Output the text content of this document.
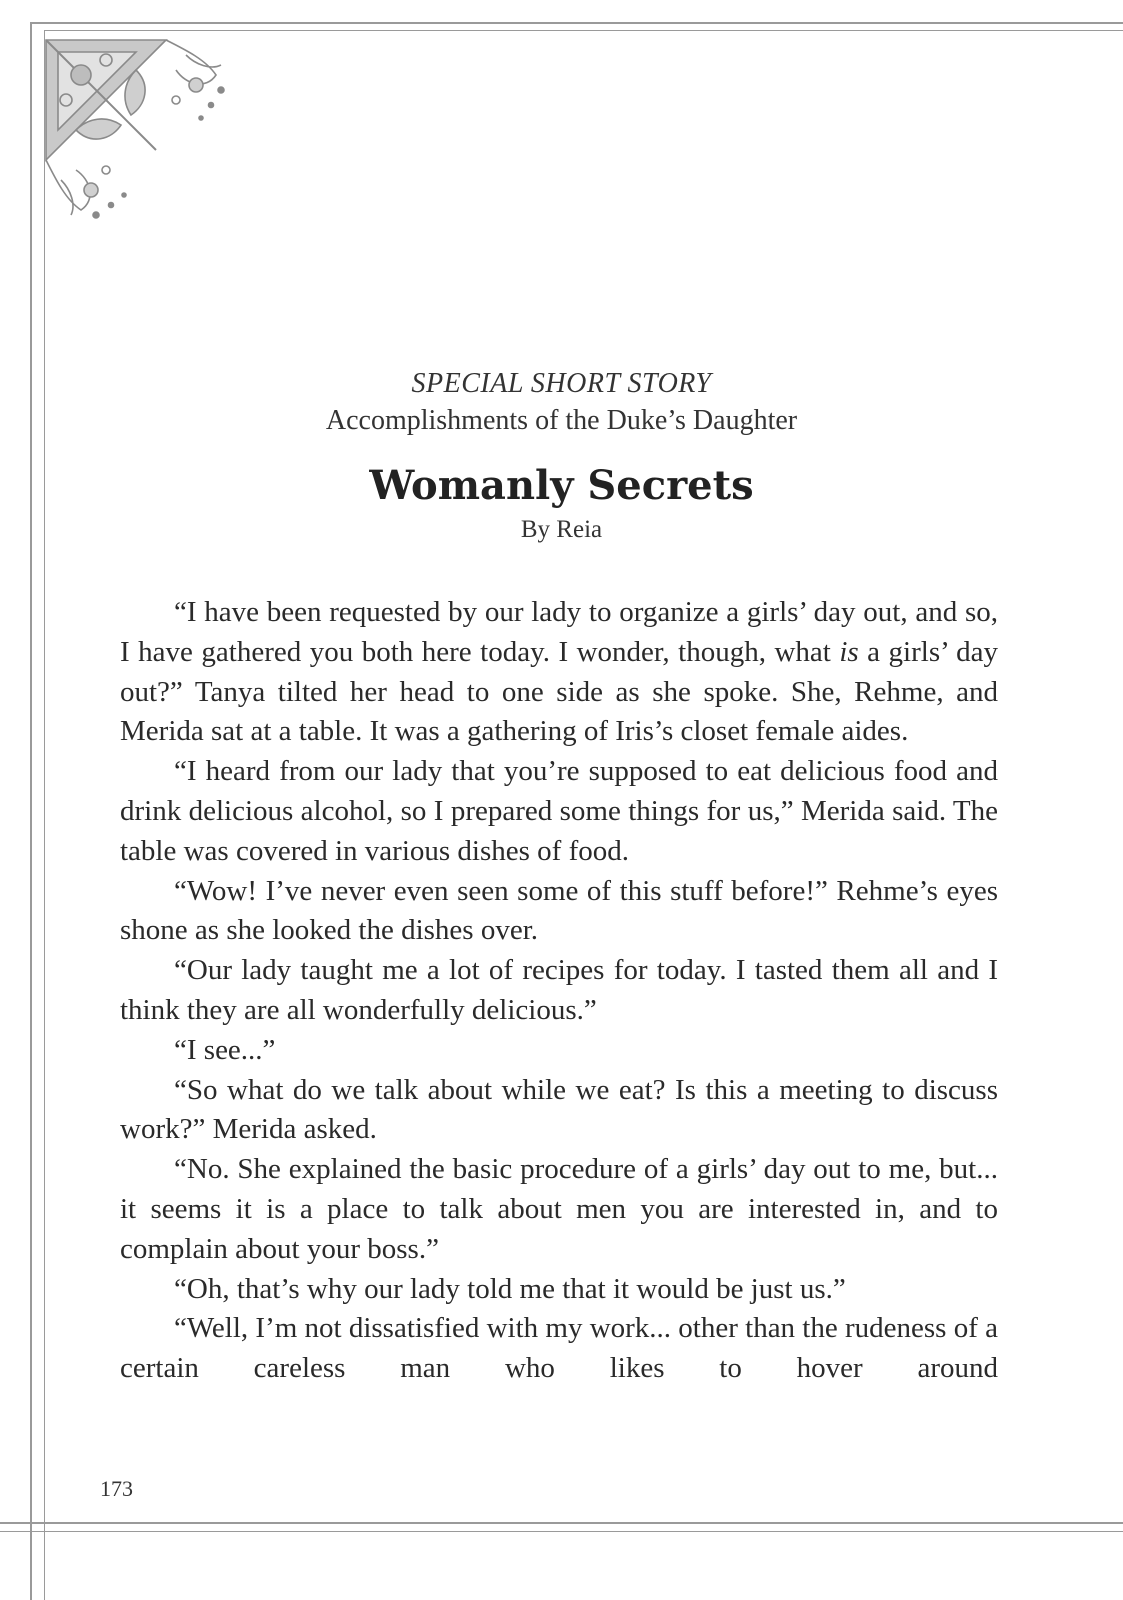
SPECIAL SHORT STORY
Accomplishments of the Duke’s Daughter
Womanly Secrets
By Reia

“I have been requested by our lady to organize a girls’ day out, and so, I have gathered you both here today. I wonder, though, what is a girls’ day out?” Tanya tilted her head to one side as she spoke. She, Rehme, and Merida sat at a table. It was a gathering of Iris’s closet female aides.

“I heard from our lady that you’re supposed to eat delicious food and drink delicious alcohol, so I prepared some things for us,” Merida said. The table was covered in various dishes of food.

“Wow! I’ve never even seen some of this stuff before!” Rehme’s eyes shone as she looked the dishes over.

“Our lady taught me a lot of recipes for today. I tasted them all and I think they are all wonderfully delicious.”

“I see...”

“So what do we talk about while we eat? Is this a meeting to discuss work?” Merida asked.

“No. She explained the basic procedure of a girls’ day out to me, but... it seems it is a place to talk about men you are interested in, and to complain about your boss.”

“Oh, that’s why our lady told me that it would be just us.”

“Well, I’m not dissatisfied with my work... other than the rudeness of a certain careless man who likes to hover around

173
